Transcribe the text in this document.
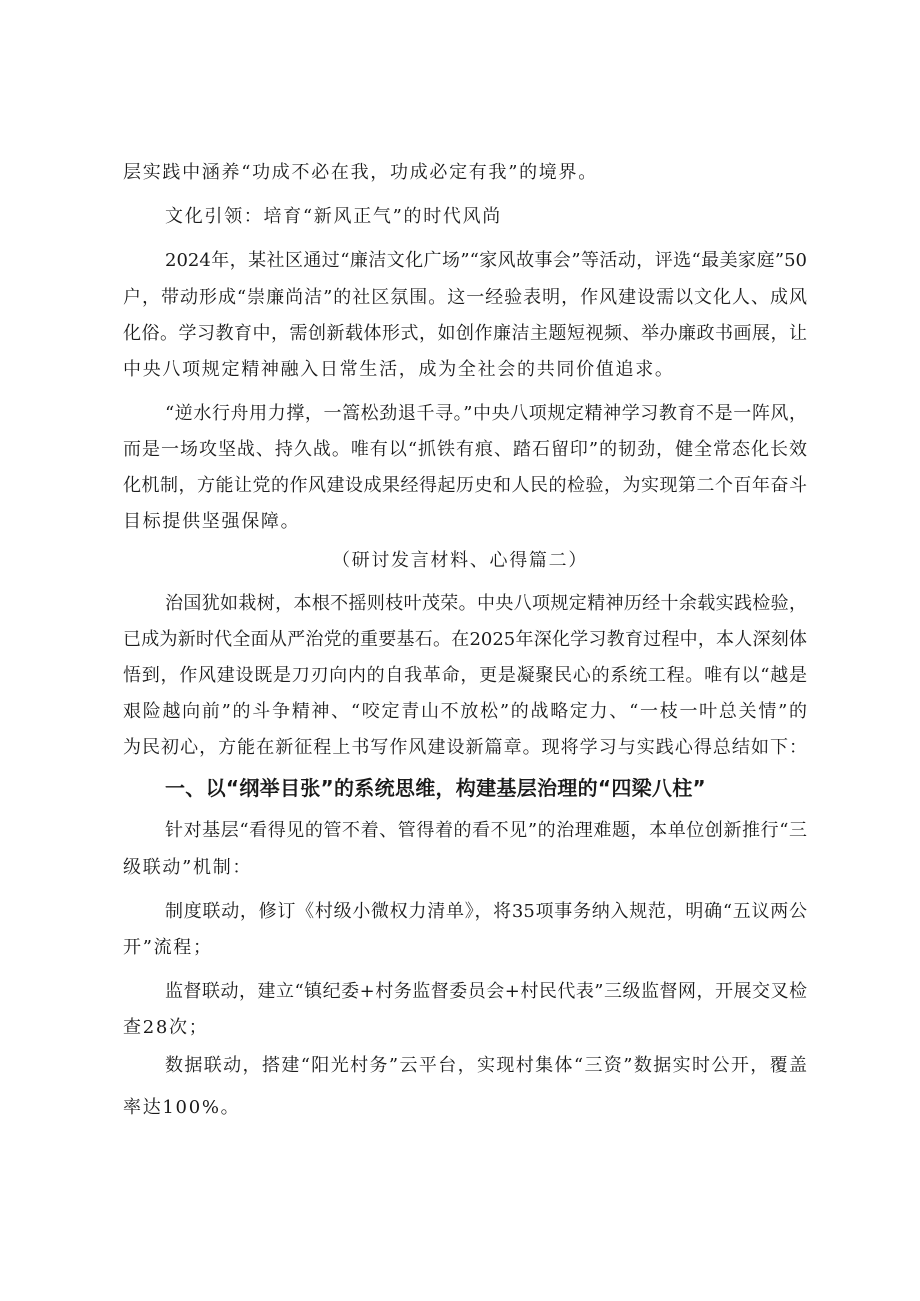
层实践中涵养“功成不必在我，功成必定有我”的境界。
文化引领：培育“新风正气”的时代风尚
2024年，某社区通过“廉洁文化广场”“家风故事会”等活动，评选“最美家庭”50
户，带动形成“崇廉尚洁”的社区氛围。这一经验表明，作风建设需以文化人、成风
化俗。学习教育中，需创新载体形式，如创作廉洁主题短视频、举办廉政书画展，让
中央八项规定精神融入日常生活，成为全社会的共同价值追求。
“逆水行舟用力撑，一篙松劲退千寻。”中央八项规定精神学习教育不是一阵风，
而是一场攻坚战、持久战。唯有以“抓铁有痕、踏石留印”的韧劲，健全常态化长效
化机制，方能让党的作风建设成果经得起历史和人民的检验，为实现第二个百年奋斗
目标提供坚强保障。
（研讨发言材料、心得篇二）
治国犹如栽树，本根不摇则枝叶茂荣。中央八项规定精神历经十余载实践检验，
已成为新时代全面从严治党的重要基石。在2025年深化学习教育过程中，本人深刻体
悟到，作风建设既是刀刃向内的自我革命，更是凝聚民心的系统工程。唯有以“越是
艰险越向前”的斗争精神、“咬定青山不放松”的战略定力、“一枝一叶总关情”的
为民初心，方能在新征程上书写作风建设新篇章。现将学习与实践心得总结如下：
一、以“纲举目张”的系统思维，构建基层治理的“四梁八柱”
针对基层“看得见的管不着、管得着的看不见”的治理难题，本单位创新推行“三
级联动”机制：
制度联动，修订《村级小微权力清单》，将35项事务纳入规范，明确“五议两公
开”流程；
监督联动，建立“镇纪委+村务监督委员会+村民代表”三级监督网，开展交叉检
查28次；
数据联动，搭建“阳光村务”云平台，实现村集体“三资”数据实时公开，覆盖
率达100%。
